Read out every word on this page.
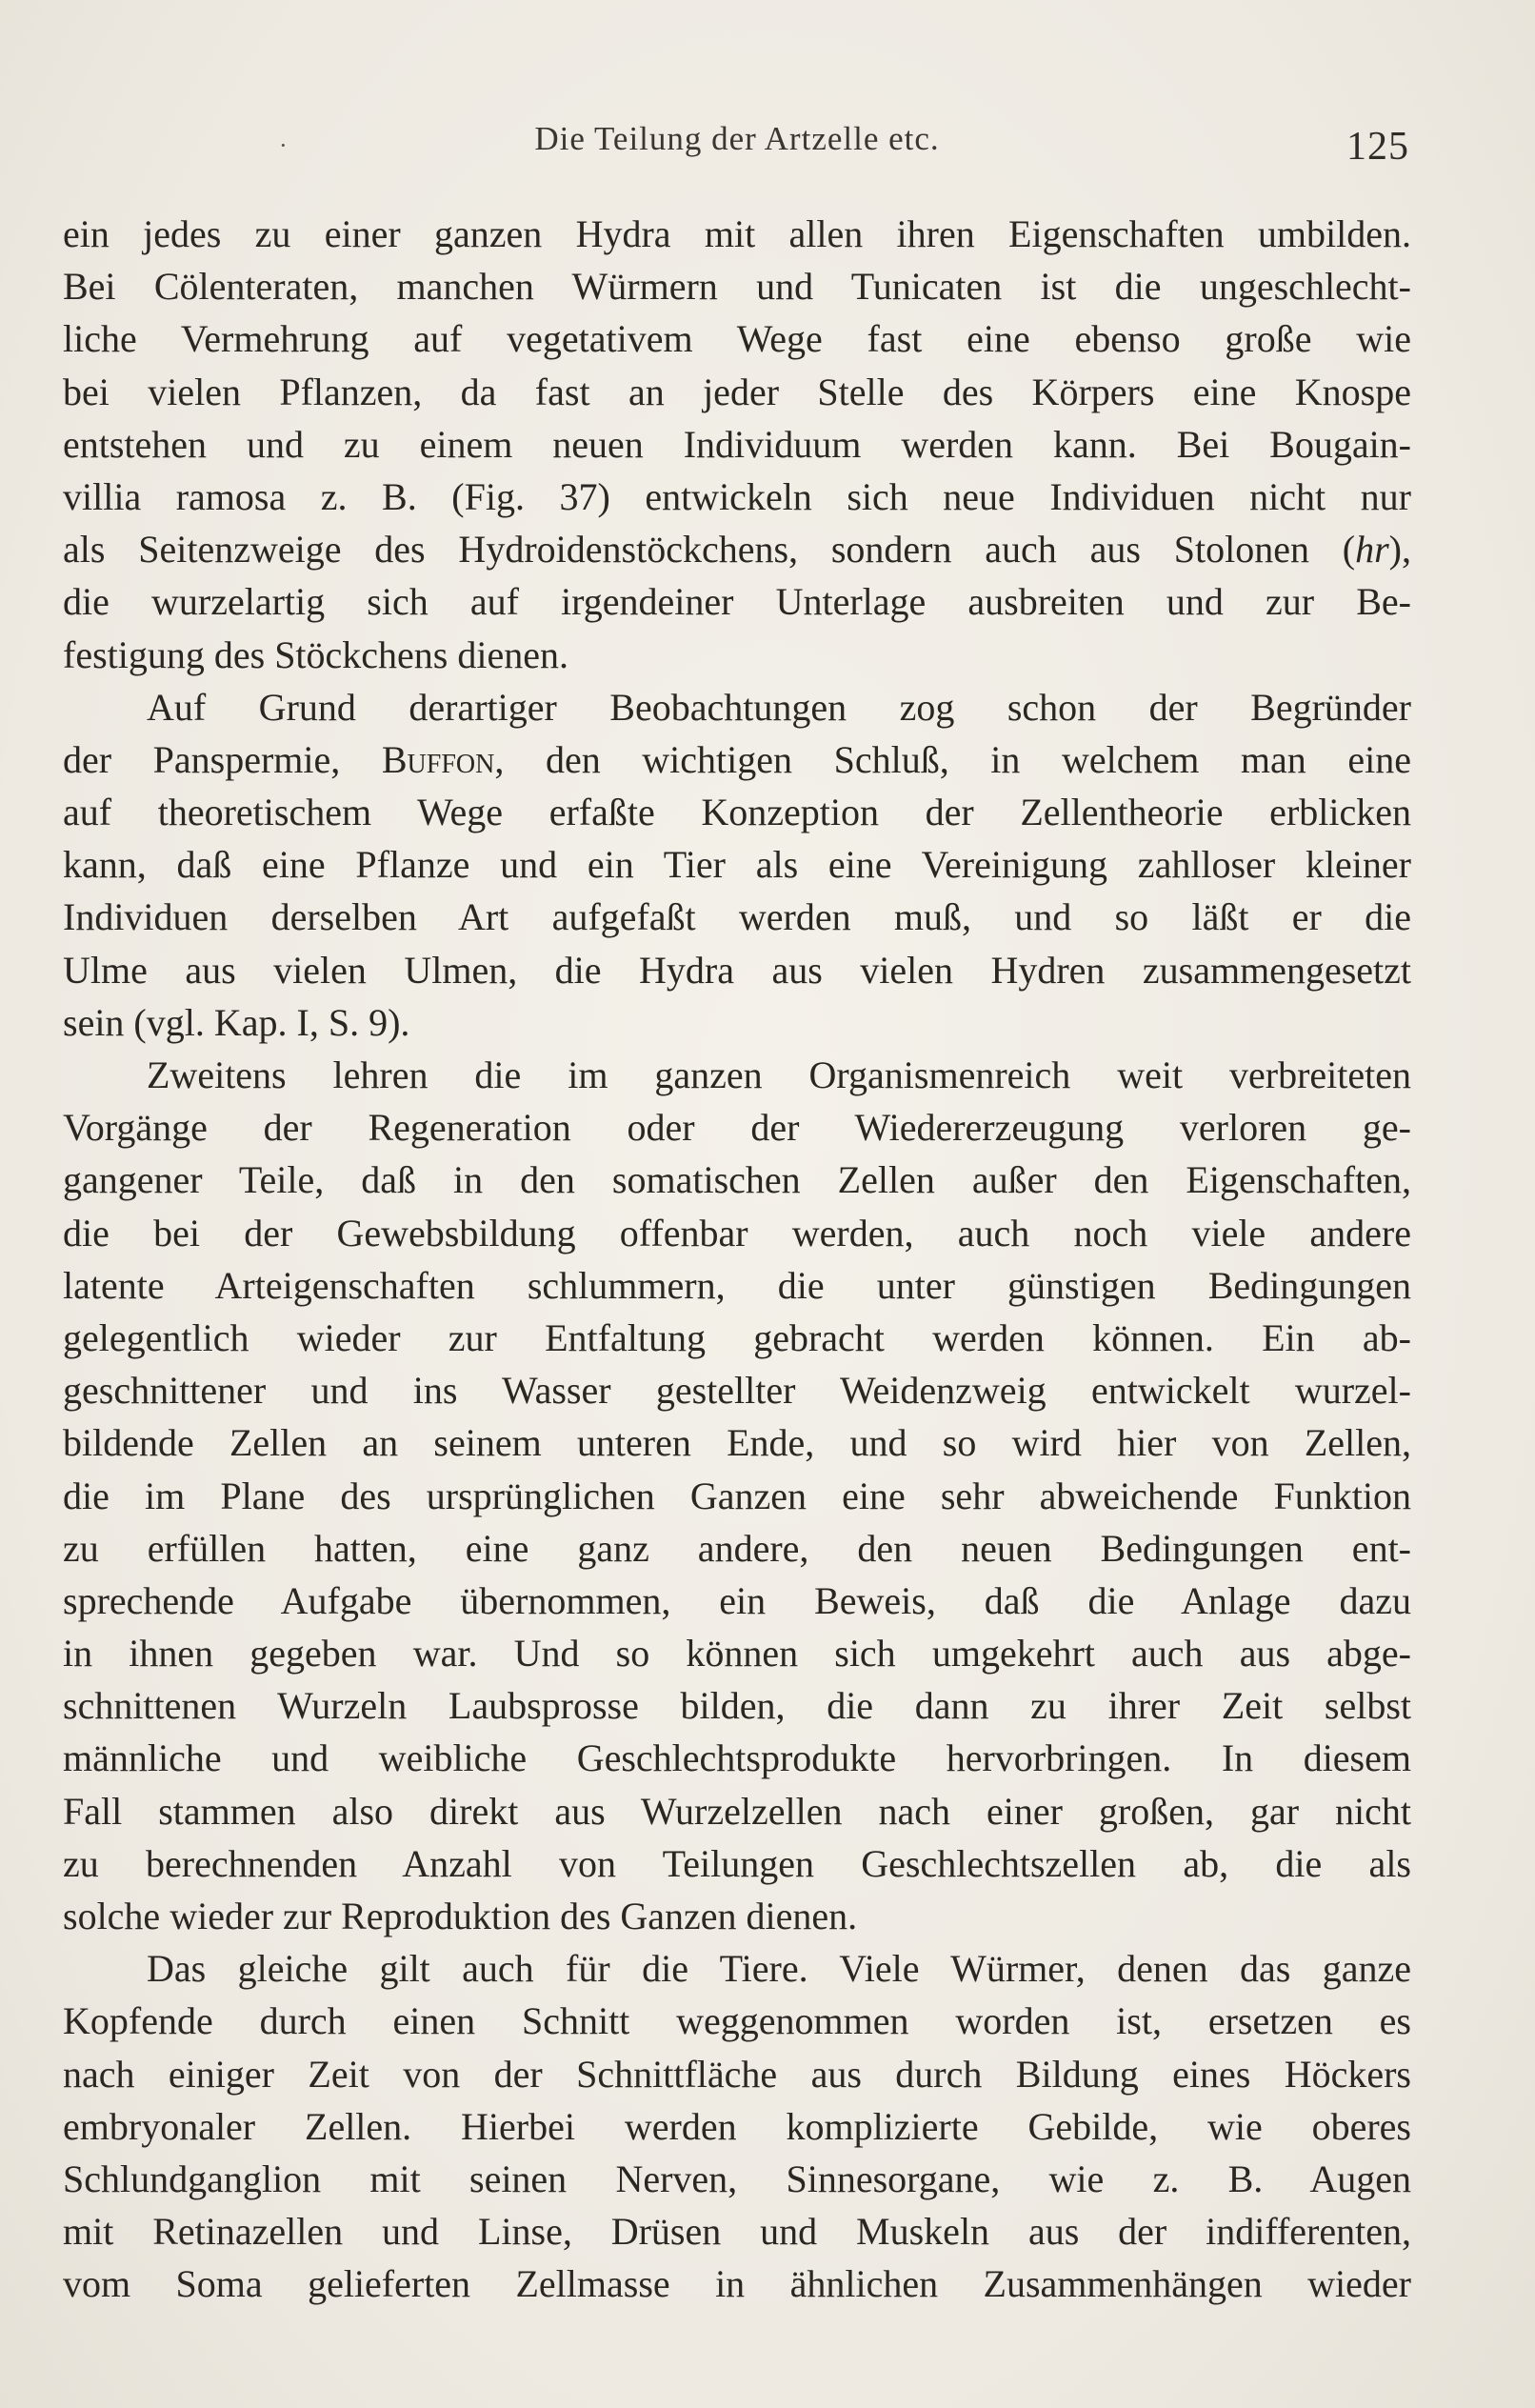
·	Die Teilung der Artzelle etc.	125
ein jedes zu einer ganzen Hydra mit allen ihren Eigenschaften umbilden.
Bei Cölenteraten, manchen Würmern und Tunicaten ist die ungeschlecht-
liche Vermehrung auf vegetativem Wege fast eine ebenso große wie
bei vielen Pflanzen, da fast an jeder Stelle des Körpers eine Knospe
entstehen und zu einem neuen Individuum werden kann. Bei Bougain-
villia ramosa z. B. (Fig. 37) entwickeln sich neue Individuen nicht nur
als Seitenzweige des Hydroidenstöckchens, sondern auch aus Stolonen (hr),
die wurzelartig sich auf irgendeiner Unterlage ausbreiten und zur Be-
festigung des Stöckchens dienen.
Auf Grund derartiger Beobachtungen zog schon der Begründer
der Panspermie, Buffon, den wichtigen Schluß, in welchem man eine
auf theoretischem Wege erfaßte Konzeption der Zellentheorie erblicken
kann, daß eine Pflanze und ein Tier als eine Vereinigung zahlloser kleiner
Individuen derselben Art aufgefaßt werden muß, und so läßt er die
Ulme aus vielen Ulmen, die Hydra aus vielen Hydren zusammengesetzt
sein (vgl. Kap. I, S. 9).
Zweitens lehren die im ganzen Organismenreich weit verbreiteten
Vorgänge der Regeneration oder der Wiedererzeugung verloren ge-
gangener Teile, daß in den somatischen Zellen außer den Eigenschaften,
die bei der Gewebsbildung offenbar werden, auch noch viele andere
latente Arteigenschaften schlummern, die unter günstigen Bedingungen
gelegentlich wieder zur Entfaltung gebracht werden können. Ein ab-
geschnittener und ins Wasser gestellter Weidenzweig entwickelt wurzel-
bildende Zellen an seinem unteren Ende, und so wird hier von Zellen,
die im Plane des ursprünglichen Ganzen eine sehr abweichende Funktion
zu erfüllen hatten, eine ganz andere, den neuen Bedingungen ent-
sprechende Aufgabe übernommen, ein Beweis, daß die Anlage dazu
in ihnen gegeben war. Und so können sich umgekehrt auch aus abge-
schnittenen Wurzeln Laubsprosse bilden, die dann zu ihrer Zeit selbst
männliche und weibliche Geschlechtsprodukte hervorbringen. In diesem
Fall stammen also direkt aus Wurzelzellen nach einer großen, gar nicht
zu berechnenden Anzahl von Teilungen Geschlechtszellen ab, die als
solche wieder zur Reproduktion des Ganzen dienen.
Das gleiche gilt auch für die Tiere. Viele Würmer, denen das ganze
Kopfende durch einen Schnitt weggenommen worden ist, ersetzen es
nach einiger Zeit von der Schnittfläche aus durch Bildung eines Höckers
embryonaler Zellen. Hierbei werden komplizierte Gebilde, wie oberes
Schlundganglion mit seinen Nerven, Sinnesorgane, wie z. B. Augen
mit Retinazellen und Linse, Drüsen und Muskeln aus der indifferenten,
vom Soma gelieferten Zellmasse in ähnlichen Zusammenhängen wieder
